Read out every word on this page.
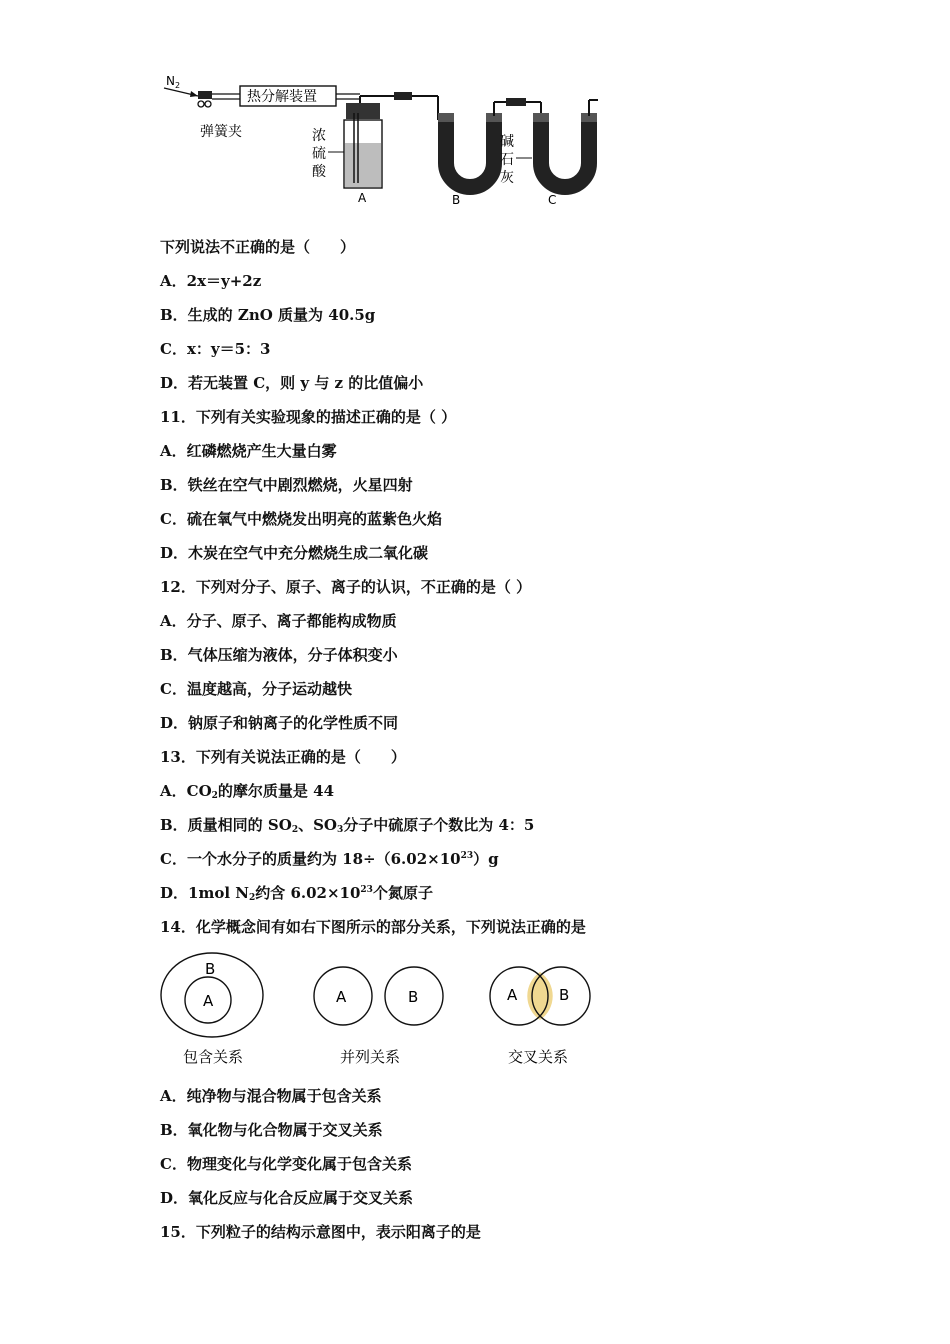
$N_2$
弹簧夹
热分解装置
浓
硫
酸
A	B
碱
石
灰
C
下列说法不正确的是（　　）
A．2x＝y+2z
B．生成的 ZnO 质量为 40.5g
C．x：y＝5：3
D．若无装置 C，则 y 与 z 的比值偏小
11．下列有关实验现象的描述正确的是（ ）
A．红磷燃烧产生大量白雾
B．铁丝在空气中剧烈燃烧，火星四射
C．硫在氧气中燃烧发出明亮的蓝紫色火焰
D．木炭在空气中充分燃烧生成二氧化碳
12．下列对分子、原子、离子的认识，不正确的是（ ）
A．分子、原子、离子都能构成物质
B．气体压缩为液体，分子体积变小
C．温度越高，分子运动越快
D．钠原子和钠离子的化学性质不同
13．下列有关说法正确的是（　　）
A．$CO_2$的摩尔质量是 44
B．质量相同的 $SO_2$、$SO_3$分子中硫原子个数比为 4：5
C．一个水分子的质量约为 $18\div(6.02\times 10^{23})g$
D．1mol $N_2$约含 $6.02\times 10^{23}$个氮原子
14．化学概念间有如右下图所示的部分关系，下列说法正确的是
B
A
包含关系
A	B
并列关系
A	B
交叉关系
A．纯净物与混合物属于包含关系
B．氧化物与化合物属于交叉关系
C．物理变化与化学变化属于包含关系
D．氧化反应与化合反应属于交叉关系
15．下列粒子的结构示意图中，表示阳离子的是
